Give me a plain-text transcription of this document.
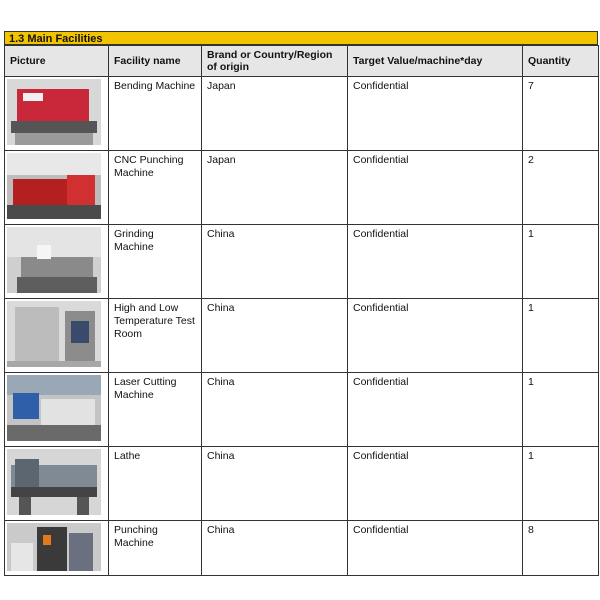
1.3 Main Facilities
Picture	Facility name	Brand or Country/Region of origin	Target Value/machine*day	Quantity

	Bending Machine	Japan	Confidential	7

	CNC Punching Machine	Japan	Confidential	2

	Grinding Machine	China	Confidential	1

	High and Low Temperature Test Room	China	Confidential	1

	Laser Cutting Machine	China	Confidential	1

	Lathe	China	Confidential	1

	Punching Machine	China	Confidential	8
